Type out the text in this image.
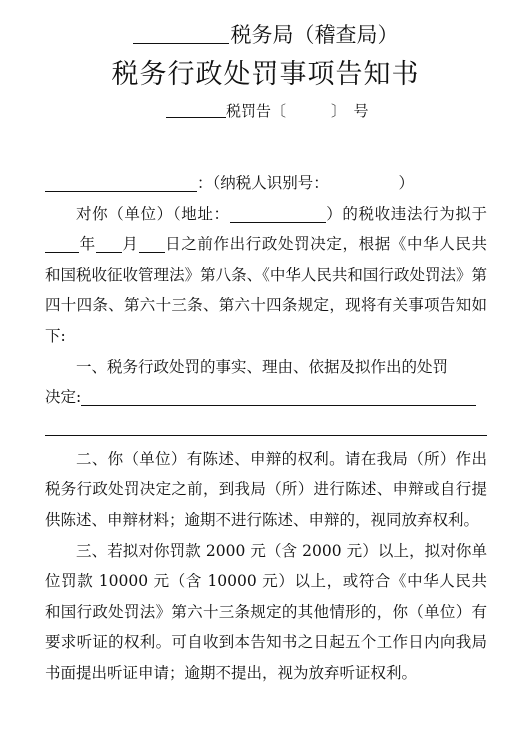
税务局（稽查局）
税务行政处罚事项告知书
税罚告〔　　　〕　号

：（纳税人识别号：　　　　　）

对你（单位）（地址：	）的税收违法行为拟于年 月 日之前作出行政处罚决定，根据《中华人民共和国税收征收管理法》第八条、《中华人民共和国行政处罚法》第四十四条、第六十三条、第六十四条规定，现将有关事项告知如下:

一、税务行政处罚的事实、理由、依据及拟作出的处罚

决定:

二、你（单位）有陈述、申辩的权利。请在我局（所）作出税务行政处罚决定之前，到我局（所）进行陈述、申辩或自行提供陈述、申辩材料；逾期不进行陈述、申辩的，视同放弃权利。

三、若拟对你罚款 2000 元（含 2000 元）以上，拟对你单位罚款 10000 元（含 10000 元）以上，或符合《中华人民共和国行政处罚法》第六十三条规定的其他情形的，你（单位）有要求听证的权利。可自收到本告知书之日起五个工作日内向我局书面提出听证申请；逾期不提出，视为放弃听证权利。
